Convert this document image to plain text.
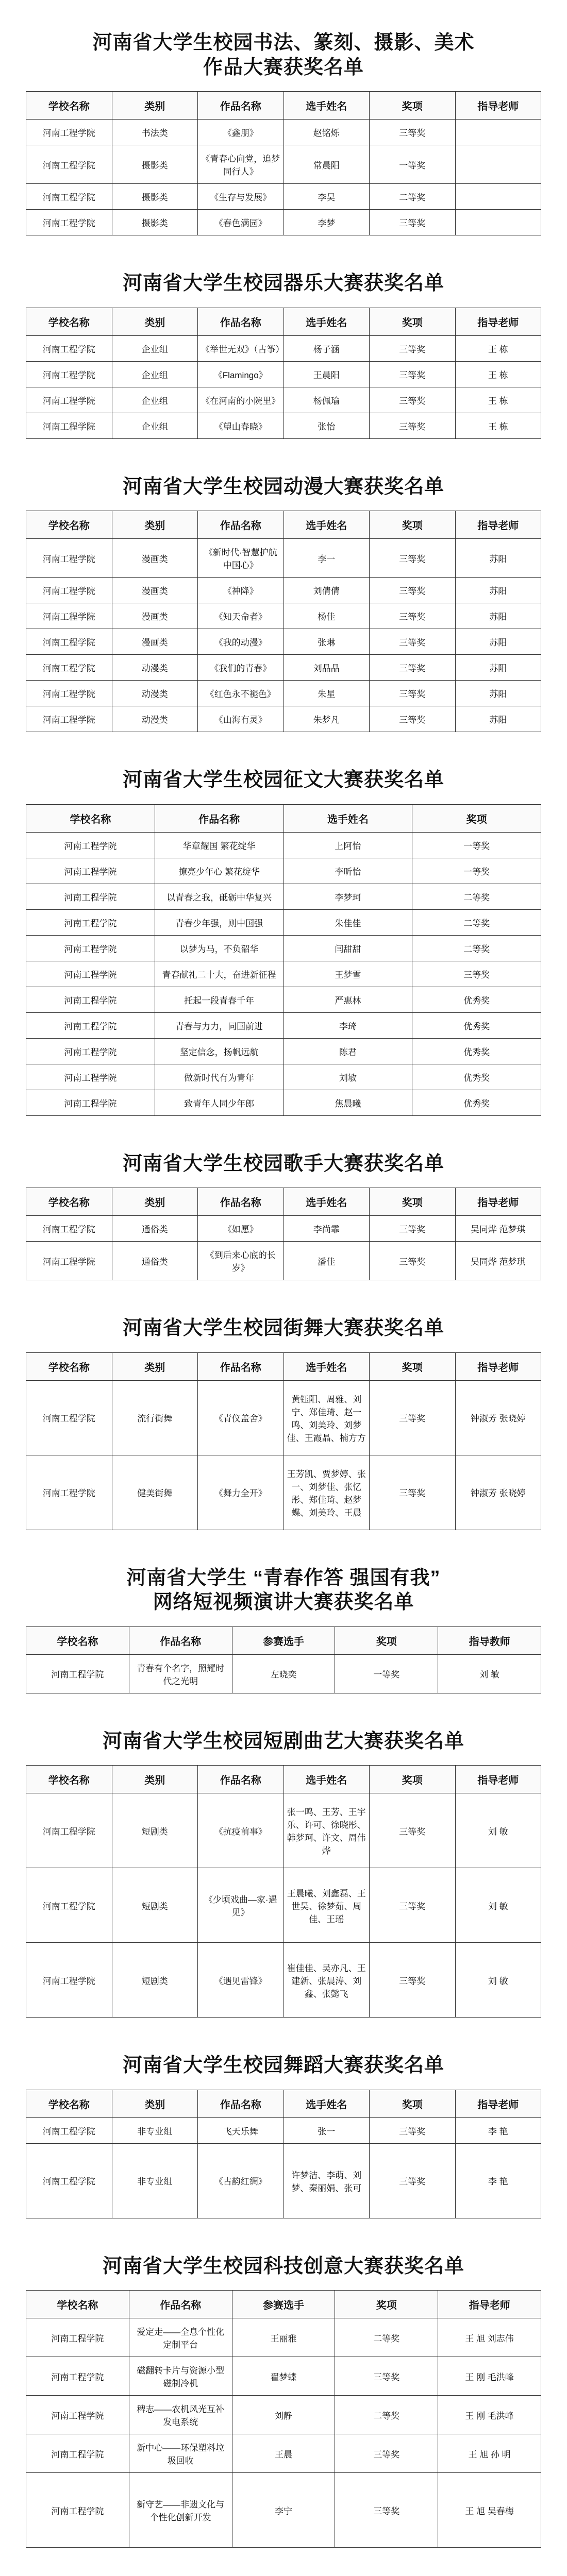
河南省大学生校园书法、篆刻、摄影、美术
作品大赛获奖名单
学校名称	类别	作品名称	选手姓名	奖项	指导老师
河南工程学院	书法类	《鑫朋》	赵铭烁	三等奖	
河南工程学院	摄影类	《青春心向党，追梦同行人》	常晨阳	一等奖	
河南工程学院	摄影类	《生存与发展》	李昊	二等奖	
河南工程学院	摄影类	《春色满园》	李梦	三等奖	
河南省大学生校园器乐大赛获奖名单
学校名称	类别	作品名称	选手姓名	奖项	指导老师
河南工程学院	企业组	《举世无双》（古筝）	杨子涵	三等奖	王 栋
河南工程学院	企业组	《Flamingo》	王晨阳	三等奖	王 栋
河南工程学院	企业组	《在河南的小院里》	杨佩瑜	三等奖	王 栋
河南工程学院	企业组	《望山春晓》	张怡	三等奖	王 栋
河南省大学生校园动漫大赛获奖名单
学校名称	类别	作品名称	选手姓名	奖项	指导老师
河南工程学院	漫画类	《新时代·智慧护航中国心》	李一	三等奖	苏阳
河南工程学院	漫画类	《神降》	刘倩倩	三等奖	苏阳
河南工程学院	漫画类	《知天命者》	杨佳	三等奖	苏阳
河南工程学院	漫画类	《我的动漫》	张琳	三等奖	苏阳
河南工程学院	动漫类	《我们的青春》	刘晶晶	三等奖	苏阳
河南工程学院	动漫类	《红色永不褪色》	朱星	三等奖	苏阳
河南工程学院	动漫类	《山海有灵》	朱梦凡	三等奖	苏阳
河南省大学生校园征文大赛获奖名单
学校名称	作品名称	选手姓名	奖项
河南工程学院	华章耀国 繁花绽华	上阿怡	一等奖
河南工程学院	撩亮少年心 繁花绽华	李昕怡	一等奖
河南工程学院	以青春之我，砥砺中华复兴	李梦珂	二等奖
河南工程学院	青春少年强，则中国强	朱佳佳	二等奖
河南工程学院	以梦为马，不负韶华	闫甜甜	二等奖
河南工程学院	青春献礼二十大，奋进新征程	王梦雪	三等奖
河南工程学院	托起一段青春千年	严惠林	优秀奖
河南工程学院	青春与力力，同国前进	李琦	优秀奖
河南工程学院	坚定信念，扬帆远航	陈君	优秀奖
河南工程学院	做新时代有为青年	刘敏	优秀奖
河南工程学院	致青年人同少年郎	焦晨曦	优秀奖
河南省大学生校园歌手大赛获奖名单
学校名称	类别	作品名称	选手姓名	奖项	指导老师
河南工程学院	通俗类	《如愿》	李尚霏	三等奖	吴同烨 范梦琪
河南工程学院	通俗类	《到后来心底的长岁》	潘佳	三等奖	吴同烨 范梦琪
河南省大学生校园街舞大赛获奖名单
学校名称	类别	作品名称	选手姓名	奖项	指导老师
河南工程学院	流行街舞	《青仪盖舍》	黄钰阳、周雅、刘宁、郑佳琦、赵一鸣、刘美玲、刘梦佳、王霞晶、楠方方	三等奖	钟淑芳 张晓婷
河南工程学院	健美街舞	《舞力全开》	王芳凯、贾梦婷、张一、刘梦佳、张忆彤、郑佳琦、赵梦蝶、刘美玲、王晨	三等奖	钟淑芳 张晓婷
河南省大学生 “青春作答 强国有我”
网络短视频演讲大赛获奖名单
学校名称	作品名称	参赛选手	奖项	指导教师
河南工程学院	青春有个名字，照耀时代之光明	左晓奕	一等奖	刘 敏
河南省大学生校园短剧曲艺大赛获奖名单
学校名称	类别	作品名称	选手姓名	奖项	指导老师
河南工程学院	短剧类	《抗疫前事》	张一鸣、王芳、王宇乐、许可、徐晓彤、韩梦珂、许文、周伟烨	三等奖	刘 敏
河南工程学院	短剧类	《少顷戏曲—家·遇见》	王晨曦、刘鑫磊、王世昊、徐梦茹、周佳、王瑶	三等奖	刘 敏
河南工程学院	短剧类	《遇见雷锋》	崔佳佳、吴亦凡、王建新、张晨涛、刘鑫、张懿飞	三等奖	刘 敏
河南省大学生校园舞蹈大赛获奖名单
学校名称	类别	作品名称	选手姓名	奖项	指导老师
河南工程学院	非专业组	飞天乐舞	张一	三等奖	李 艳
河南工程学院	非专业组	《古韵红绸》	许梦洁、李萌、刘梦、秦丽娟、张可	三等奖	李 艳
河南省大学生校园科技创意大赛获奖名单
学校名称	作品名称	参赛选手	奖项	指导老师
河南工程学院	爱定走——全息个性化定制平台	王丽雅	二等奖	王 旭 刘志伟
河南工程学院	磁翻转卡片与资源小型磁制冷机	翟梦蝶	三等奖	王 刚 毛洪峰
河南工程学院	稗志——农机风光互补发电系统	刘静	二等奖	王 刚 毛洪峰
河南工程学院	新中心——环保塑料垃圾回收	王晨	三等奖	王 旭 孙 明
河南工程学院	新守艺——非遗文化与个性化创新开发	李宁	三等奖	王 旭 吴春梅
